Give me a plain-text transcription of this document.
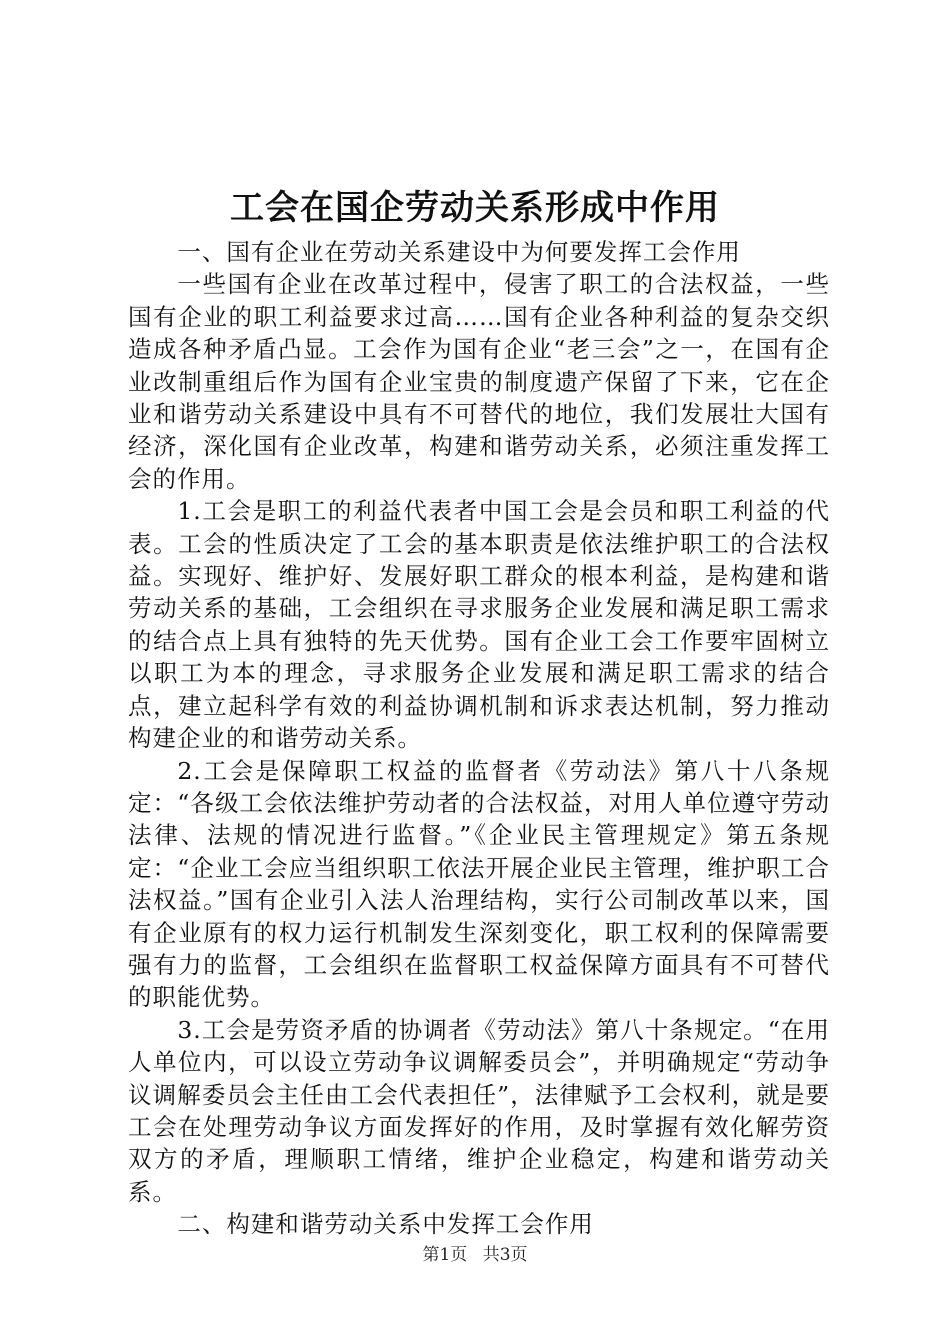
工会在国企劳动关系形成中作用

一、国有企业在劳动关系建设中为何要发挥工会作用

一些国有企业在改革过程中，侵害了职工的合法权益，一些国有企业的职工利益要求过高……国有企业各种利益的复杂交织造成各种矛盾凸显。工会作为国有企业“老三会”之一，在国有企业改制重组后作为国有企业宝贵的制度遗产保留了下来，它在企业和谐劳动关系建设中具有不可替代的地位，我们发展壮大国有经济，深化国有企业改革，构建和谐劳动关系，必须注重发挥工会的作用。

1.工会是职工的利益代表者中国工会是会员和职工利益的代表。工会的性质决定了工会的基本职责是依法维护职工的合法权益。实现好、维护好、发展好职工群众的根本利益，是构建和谐劳动关系的基础，工会组织在寻求服务企业发展和满足职工需求的结合点上具有独特的先天优势。国有企业工会工作要牢固树立以职工为本的理念，寻求服务企业发展和满足职工需求的结合点，建立起科学有效的利益协调机制和诉求表达机制，努力推动构建企业的和谐劳动关系。

2.工会是保障职工权益的监督者《劳动法》第八十八条规定：“各级工会依法维护劳动者的合法权益，对用人单位遵守劳动法律、法规的情况进行监督。”《企业民主管理规定》第五条规定：“企业工会应当组织职工依法开展企业民主管理，维护职工合法权益。”国有企业引入法人治理结构，实行公司制改革以来，国有企业原有的权力运行机制发生深刻变化，职工权利的保障需要强有力的监督，工会组织在监督职工权益保障方面具有不可替代的职能优势。

3.工会是劳资矛盾的协调者《劳动法》第八十条规定。“在用人单位内，可以设立劳动争议调解委员会”，并明确规定“劳动争议调解委员会主任由工会代表担任”，法律赋予工会权利，就是要工会在处理劳动争议方面发挥好的作用，及时掌握有效化解劳资双方的矛盾，理顺职工情绪，维护企业稳定，构建和谐劳动关系。

二、构建和谐劳动关系中发挥工会作用

第1页 共3页
